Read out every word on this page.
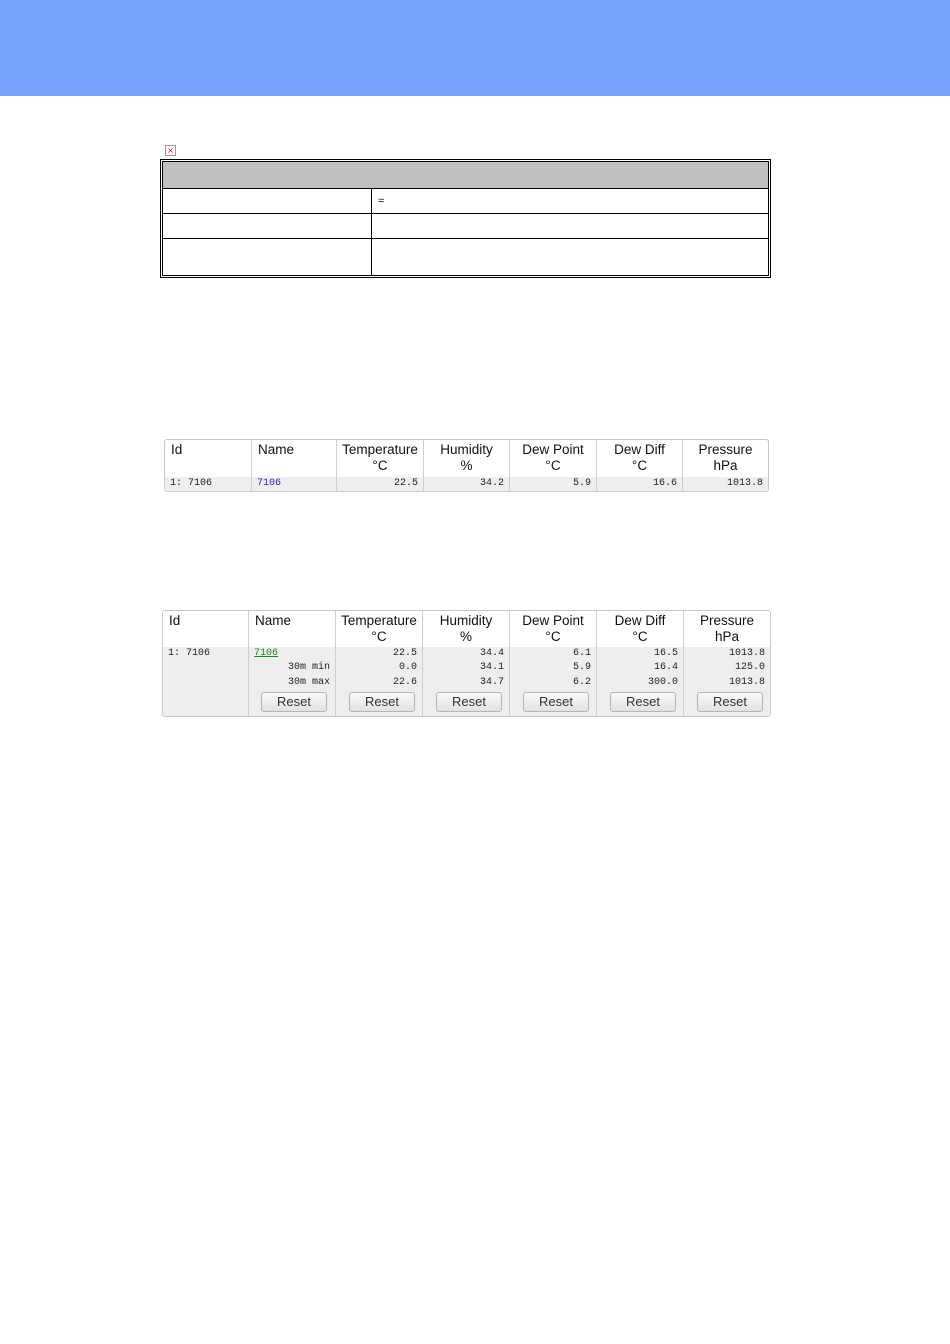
×
≈
Id
1: 7106
Name
7106
Temperature
°C
22.5
Humidity
%
34.2
Dew Point
°C
5.9
Dew Diff
°C
16.6
Pressure
hPa
1013.8
Id
1: 7106
Name
7106
30m min
30m max
Reset
Temperature
°C
22.5
0.0
22.6
Reset
Humidity
%
34.4
34.1
34.7
Reset
Dew Point
°C
6.1
5.9
6.2
Reset
Dew Diff
°C
16.5
16.4
300.0
Reset
Pressure
hPa
1013.8
125.0
1013.8
Reset
